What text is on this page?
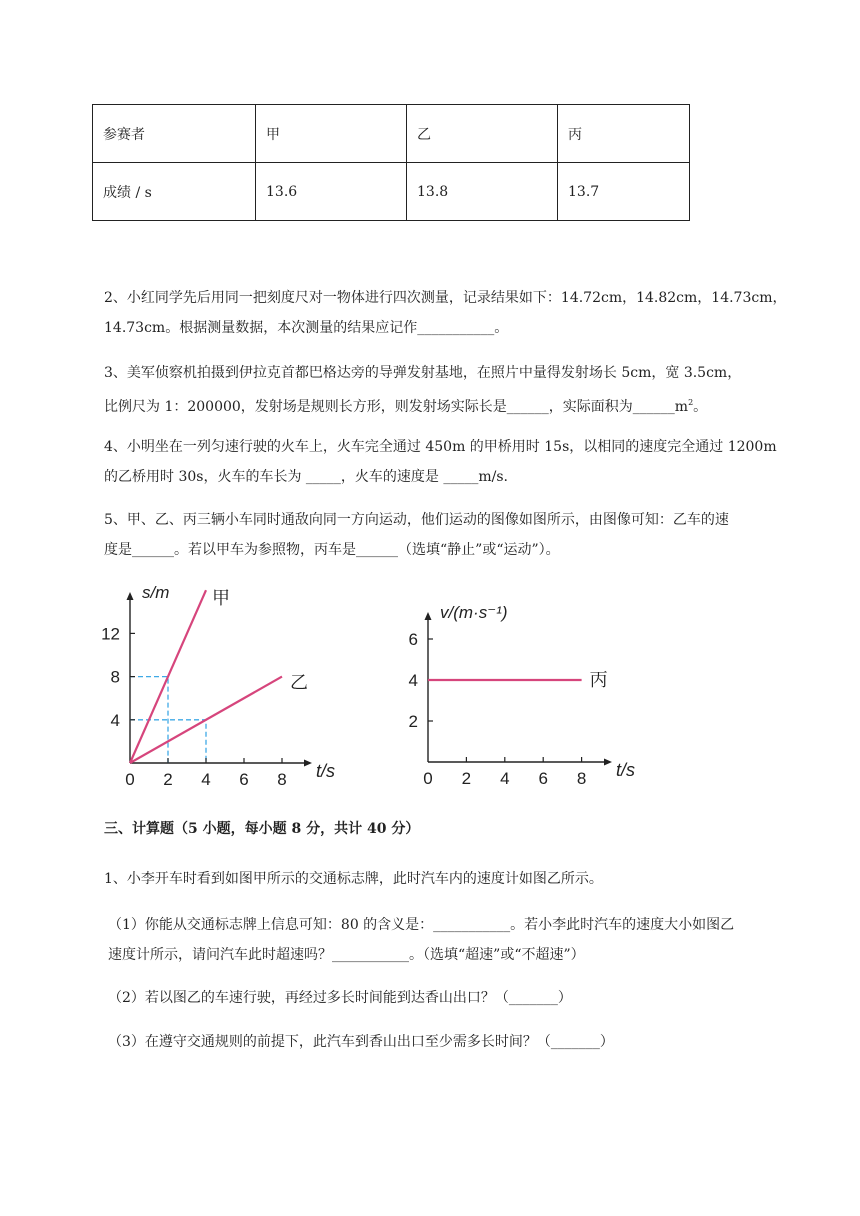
参赛者	甲	乙	丙
成绩 / s	13.6	13.8	13.7
2、小红同学先后用同一把刻度尺对一物体进行四次测量，记录结果如下：14.72cm，14.82cm，14.73cm，
14.73cm。根据测量数据，本次测量的结果应记作___________。
3、美军侦察机拍摄到伊拉克首都巴格达旁的导弹发射基地，在照片中量得发射场长 5cm，宽 3.5cm，
比例尺为 1：200000，发射场是规则长方形，则发射场实际长是______，实际面积为$\_\_\_\_\_\_m^2$。
4、小明坐在一列匀速行驶的火车上，火车完全通过 450m 的甲桥用时 15s，以相同的速度完全通过 1200m
的乙桥用时 30s，火车的车长为 _____，火车的速度是 _____m/s.
5、甲、乙、丙三辆小车同时通敌向同一方向运动，他们运动的图像如图所示，由图像可知：乙车的速
度是______。若以甲车为参照物，丙车是______（选填“静止”或“运动”）。
0 2 4 6 8
4
8
12
甲
乙
t/s
s/m
0 2 4 6 8
2
4
6
丙
t/s
v/(m·s⁻¹)
三、计算题（5 小题，每小题 8 分，共计 40 分）
1、小李开车时看到如图甲所示的交通标志牌，此时汽车内的速度计如图乙所示。
（1）你能从交通标志牌上信息可知：80 的含义是：___________。若小李此时汽车的速度大小如图乙
速度计所示，请问汽车此时超速吗？___________。（选填“超速”或“不超速”）
（2）若以图乙的车速行驶，再经过多长时间能到达香山出口？（_______）
（3）在遵守交通规则的前提下，此汽车到香山出口至少需多长时间？（_______）
